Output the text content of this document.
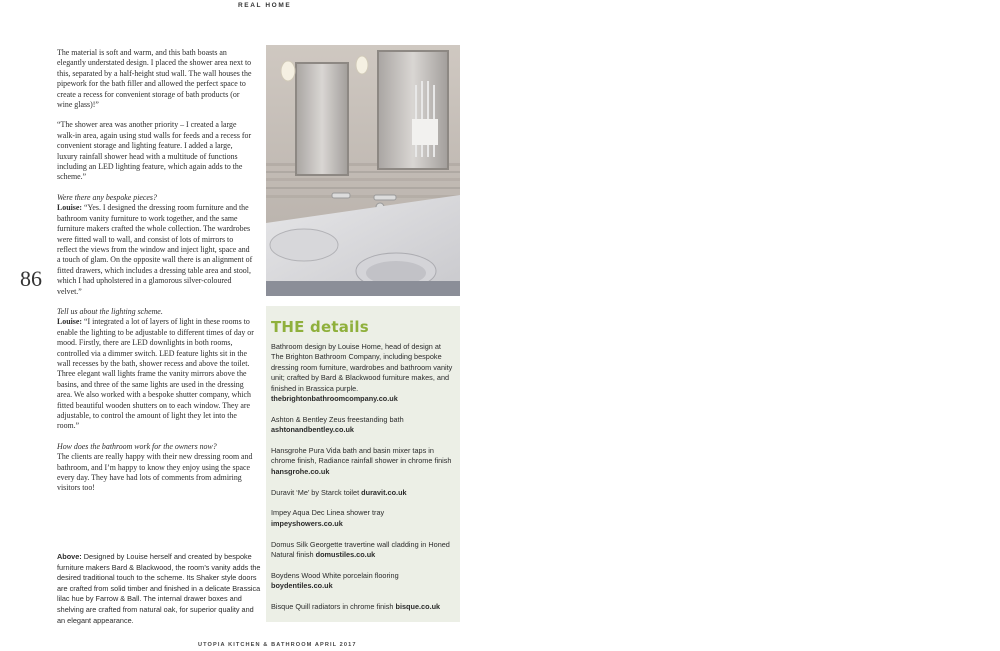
REAL HOME
86

The material is soft and warm, and this bath boasts an elegantly understated design. I placed the shower area next to this, separated by a half-height stud wall. The wall houses the pipework for the bath filler and allowed the perfect space to create a recess for convenient storage of bath products (or wine glass)!”

“The shower area was another priority – I created a large walk-in area, again using stud walls for feeds and a recess for convenient storage and lighting feature. I added a large, luxury rainfall shower head with a multitude of functions including an LED lighting feature, which again adds to the scheme.”

Were there any bespoke pieces?
Louise: “Yes. I designed the dressing room furniture and the bathroom vanity furniture to work together, and the same furniture makers crafted the whole collection. The wardrobes were fitted wall to wall, and consist of lots of mirrors to reflect the views from the window and inject light, space and a touch of glam. On the opposite wall there is an alignment of fitted drawers, which includes a dressing table area and stool, which I had upholstered in a glamorous silver-coloured velvet.”

Tell us about the lighting scheme.
Louise: “I integrated a lot of layers of light in these rooms to enable the lighting to be adjustable to different times of day or mood. Firstly, there are LED downlights in both rooms, controlled via a dimmer switch. LED feature lights sit in the wall recesses by the bath, shower recess and above the toilet. Three elegant wall lights frame the vanity mirrors above the basins, and three of the same lights are used in the dressing area. We also worked with a bespoke shutter company, which fitted beautiful wooden shutters on to each window. They are adjustable, to control the amount of light they let into the room.”

How does the bathroom work for the owners now?
The clients are really happy with their new dressing room and bathroom, and I’m happy to know they enjoy using the space every day. They have had lots of comments from admiring visitors too!

Above: Designed by Louise herself and created by bespoke furniture makers Bard & Blackwood, the room’s vanity adds the desired traditional touch to the scheme. Its Shaker style doors are crafted from solid timber and finished in a delicate Brassica lilac hue by Farrow & Ball. The internal drawer boxes and shelving are crafted from natural oak, for superior quality and an elegant appearance.
THE details
Bathroom design by Louise Home, head of design at The Brighton Bathroom Company, including bespoke dressing room furniture, wardrobes and bathroom vanity unit; crafted by Bard & Blackwood furniture makes, and finished in Brassica purple. thebrightonbathroomcompany.co.uk
Ashton & Bentley Zeus freestanding bath ashtonandbentley.co.uk
Hansgrohe Pura Vida bath and basin mixer taps in chrome finish, Radiance rainfall shower in chrome finish hansgrohe.co.uk
Duravit ‘Me’ by Starck toilet duravit.co.uk
Impey Aqua Dec Linea shower tray impeyshowers.co.uk
Domus Silk Georgette travertine wall cladding in Honed Natural finish domustiles.co.uk
Boydens Wood White porcelain flooring boydentiles.co.uk
Bisque Quill radiators in chrome finish bisque.co.uk
UTOPIA KITCHEN & BATHROOM APRIL 2017
